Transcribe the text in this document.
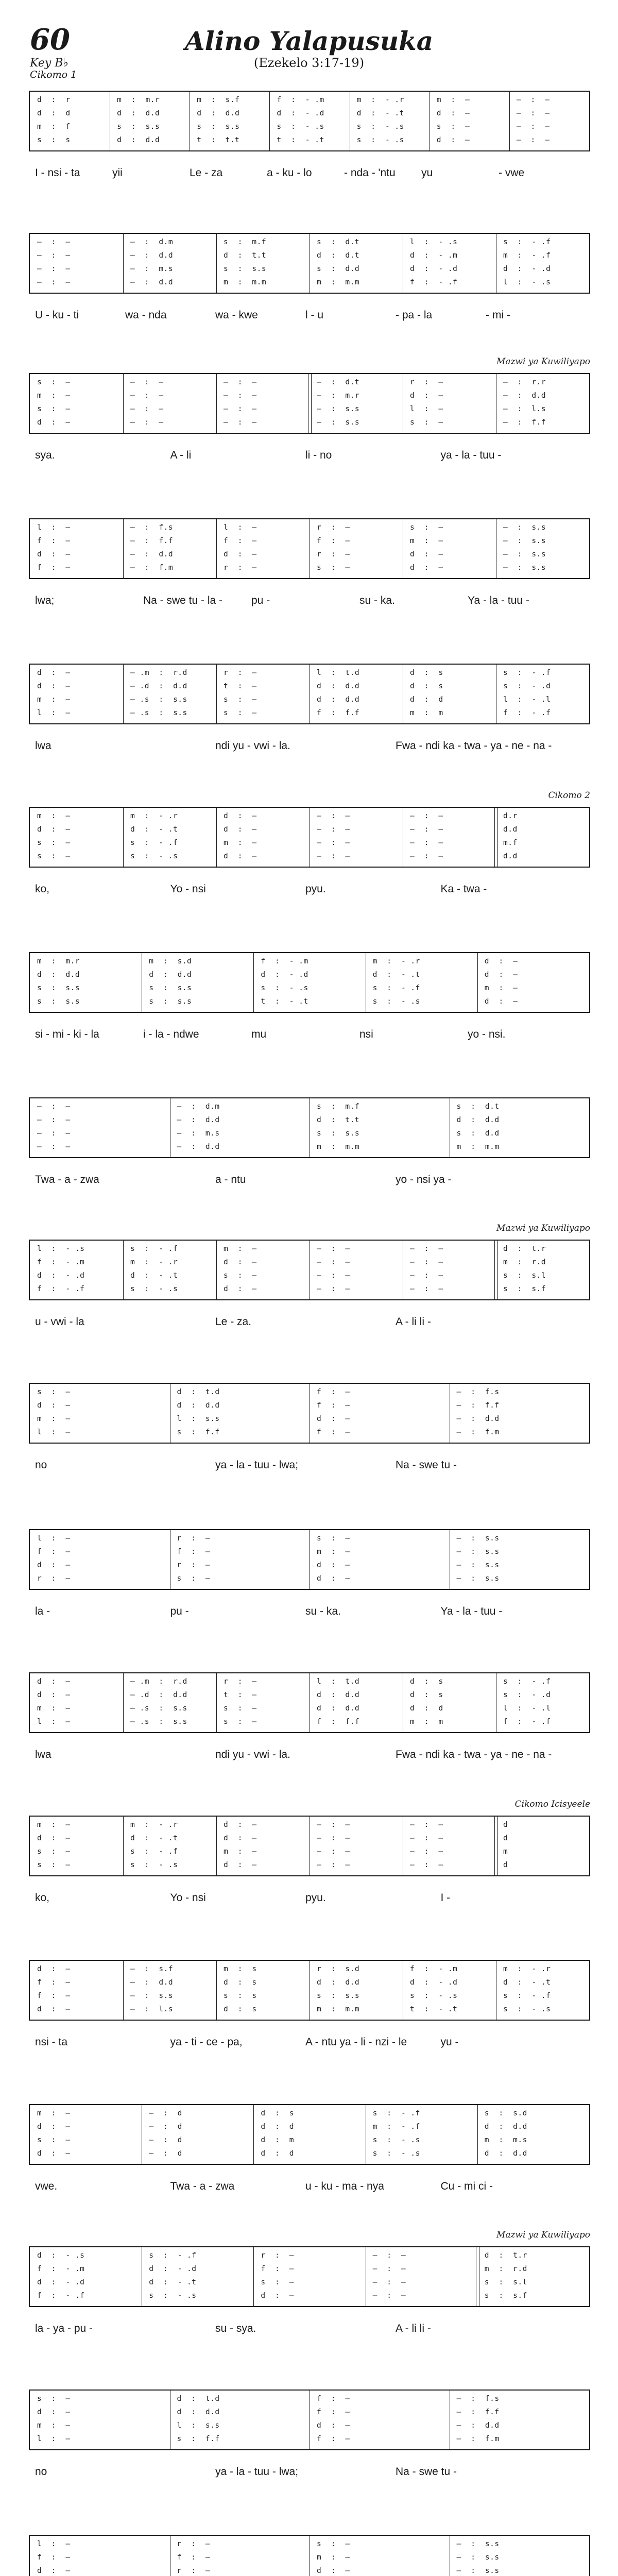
60
Key B♭
Cikomo 1
Alino Yalapusuka
(Ezekelo 3:17-19)
d  :  r	m  :  m.r	m  :  s.f	f  :  - .m	m  :  - .r	m  :  —	—  :  —
d  :  d	d  :  d.d	d  :  d.d	d  :  - .d	d  :  - .t	d  :  —	—  :  —
m  :  f	s  :  s.s	s  :  s.s	s  :  - .s	s  :  - .s	s  :  —	—  :  —
s  :  s	d  :  d.d	t  :  t.t	t  :  - .t	s  :  - .s	d  :  —	—  :  —
I - nsi - ta	yii	Le - za	a - ku - lo	- nda - 'ntu yu	- vwe
—  :  —	—  :  d.m	s  :  m.f	s  :  d.t	l  :  - .s	s  :  - .f
—  :  —	—  :  d.d	d  :  t.t	d  :  d.t	d  :  - .m	m  :  - .f
—  :  —	—  :  m.s	s  :  s.s	s  :  d.d	d  :  - .d	d  :  - .d
—  :  —	—  :  d.d	m  :  m.m	m  :  m.m	f  :  - .f	l  :  - .s
U - ku - ti	wa - nda	wa - kwe	l - u	- pa - la	- mi -
Mazwi ya Kuwiliyapo
s  :  —	—  :  —	—  :  —	—  :  d.t	r  :  —	—  :  r.r
m  :  —	—  :  —	—  :  —	—  :  m.r	d  :  —	—  :  d.d
s  :  —	—  :  —	—  :  —	—  :  s.s	l  :  —	—  :  l.s
d  :  —	—  :  —	—  :  —	—  :  s.s	s  :  —	—  :  f.f
sya.	A - li	li - no	ya - la - tuu -
l  :  —	—  :  f.s	l  :  —	r  :  —	s  :  —	—  :  s.s
f  :  —	—  :  f.f	f  :  —	f  :  —	m  :  —	—  :  s.s
d  :  —	—  :  d.d	d  :  —	r  :  —	d  :  —	—  :  s.s
f  :  —	—  :  f.m	r  :  —	s  :  —	d  :  —	—  :  s.s
lwa;	Na - swe tu - la -	pu -	su - ka.	Ya - la - tuu -
d  :  —	— .m  :  r.d	r  :  —	l  :  t.d	d  :  s	s  :  - .f
d  :  —	— .d  :  d.d	t  :  —	d  :  d.d	d  :  s	s  :  - .d
m  :  —	— .s  :  s.s	s  :  —	d  :  d.d	d  :  d	l  :  - .l
l  :  —	— .s  :  s.s	s  :  —	f  :  f.f	m  :  m	f  :  - .f
lwa	ndi yu - vwi - la.	Fwa - ndi ka - twa - ya - ne - na -
Cikomo 2
m  :  —	m  :  - .r	d  :  —	—  :  —	—  :  —	d.r
d  :  —	d  :  - .t	d  :  —	—  :  —	—  :  —	d.d
s  :  —	s  :  - .f	m  :  —	—  :  —	—  :  —	m.f
s  :  —	s  :  - .s	d  :  —	—  :  —	—  :  —	d.d
ko,	Yo - nsi	pyu.	Ka - twa -
m  :  m.r	m  :  s.d	f  :  - .m	m  :  - .r	d  :  —
d  :  d.d	d  :  d.d	d  :  - .d	d  :  - .t	d  :  —
s  :  s.s	s  :  s.s	s  :  - .s	s  :  - .f	m  :  —
s  :  s.s	s  :  s.s	t  :  - .t	s  :  - .s	d  :  —
si - mi - ki - la	i - la - ndwe	mu	nsi	yo - nsi.
—  :  —	—  :  d.m	s  :  m.f	s  :  d.t
—  :  —	—  :  d.d	d  :  t.t	d  :  d.d
—  :  —	—  :  m.s	s  :  s.s	s  :  d.d
—  :  —	—  :  d.d	m  :  m.m	m  :  m.m
Twa - a - zwa	a - ntu	yo - nsi ya -
Mazwi ya Kuwiliyapo
l  :  - .s	s  :  - .f	m  :  —	—  :  —	—  :  —	d  :  t.r
f  :  - .m	m  :  - .r	d  :  —	—  :  —	—  :  —	m  :  r.d
d  :  - .d	d  :  - .t	s  :  —	—  :  —	—  :  —	s  :  s.l
f  :  - .f	s  :  - .s	d  :  —	—  :  —	—  :  —	s  :  s.f
u - vwi - la	Le - za.	A - li li -
s  :  —	d  :  t.d	f  :  —	—  :  f.s
d  :  —	d  :  d.d	f  :  —	—  :  f.f
m  :  —	l  :  s.s	d  :  —	—  :  d.d
l  :  —	s  :  f.f	f  :  —	—  :  f.m
no	ya - la - tuu - lwa;	Na - swe tu -
l  :  —	r  :  —	s  :  —	—  :  s.s
f  :  —	f  :  —	m  :  —	—  :  s.s
d  :  —	r  :  —	d  :  —	—  :  s.s
r  :  —	s  :  —	d  :  —	—  :  s.s
la -	pu -	su - ka.	Ya - la - tuu -
d  :  —	— .m  :  r.d	r  :  —	l  :  t.d	d  :  s	s  :  - .f
d  :  —	— .d  :  d.d	t  :  —	d  :  d.d	d  :  s	s  :  - .d
m  :  —	— .s  :  s.s	s  :  —	d  :  d.d	d  :  d	l  :  - .l
l  :  —	— .s  :  s.s	s  :  —	f  :  f.f	m  :  m	f  :  - .f
lwa	ndi yu - vwi - la.	Fwa - ndi ka - twa - ya - ne - na -
Cikomo Icisyeele
m  :  —	m  :  - .r	d  :  —	—  :  —	—  :  —	d
d  :  —	d  :  - .t	d  :  —	—  :  —	—  :  —	d
s  :  —	s  :  - .f	m  :  —	—  :  —	—  :  —	m
s  :  —	s  :  - .s	d  :  —	—  :  —	—  :  —	d
ko,	Yo - nsi	pyu.	I -
d  :  —	—  :  s.f	m  :  s	r  :  s.d	f  :  - .m	m  :  - .r
f  :  —	—  :  d.d	d  :  s	d  :  d.d	d  :  - .d	d  :  - .t
f  :  —	—  :  s.s	s  :  s	s  :  s.s	s  :  - .s	s  :  - .f
d  :  —	—  :  l.s	d  :  s	m  :  m.m	t  :  - .t	s  :  - .s
nsi - ta	ya - ti - ce - pa,	A - ntu ya - li - nzi - le	yu -
m  :  —	—  :  d	d  :  s	s  :  - .f	s  :  s.d
d  :  —	—  :  d	d  :  d	m  :  - .f	d  :  d.d
s  :  —	—  :  d	d  :  m	s  :  - .s	m  :  m.s
d  :  —	—  :  d	d  :  d	s  :  - .s	d  :  d.d
vwe.	Twa - a - zwa	u - ku - ma - nya	Cu - mi ci -
Mazwi ya Kuwiliyapo
d  :  - .s	s  :  - .f	r  :  —	—  :  —	d  :  t.r
f  :  - .m	d  :  - .d	f  :  —	—  :  —	m  :  r.d
d  :  - .d	d  :  - .t	s  :  —	—  :  —	s  :  s.l
f  :  - .f	s  :  - .s	d  :  —	—  :  —	s  :  s.f
la - ya - pu -	su - sya.	A - li li -
s  :  —	d  :  t.d	f  :  —	—  :  f.s
d  :  —	d  :  d.d	f  :  —	—  :  f.f
m  :  —	l  :  s.s	d  :  —	—  :  d.d
l  :  —	s  :  f.f	f  :  —	—  :  f.m
no	ya - la - tuu - lwa;	Na - swe tu -
l  :  —	r  :  —	s  :  —	—  :  s.s
f  :  —	f  :  —	m  :  —	—  :  s.s
d  :  —	r  :  —	d  :  —	—  :  s.s
